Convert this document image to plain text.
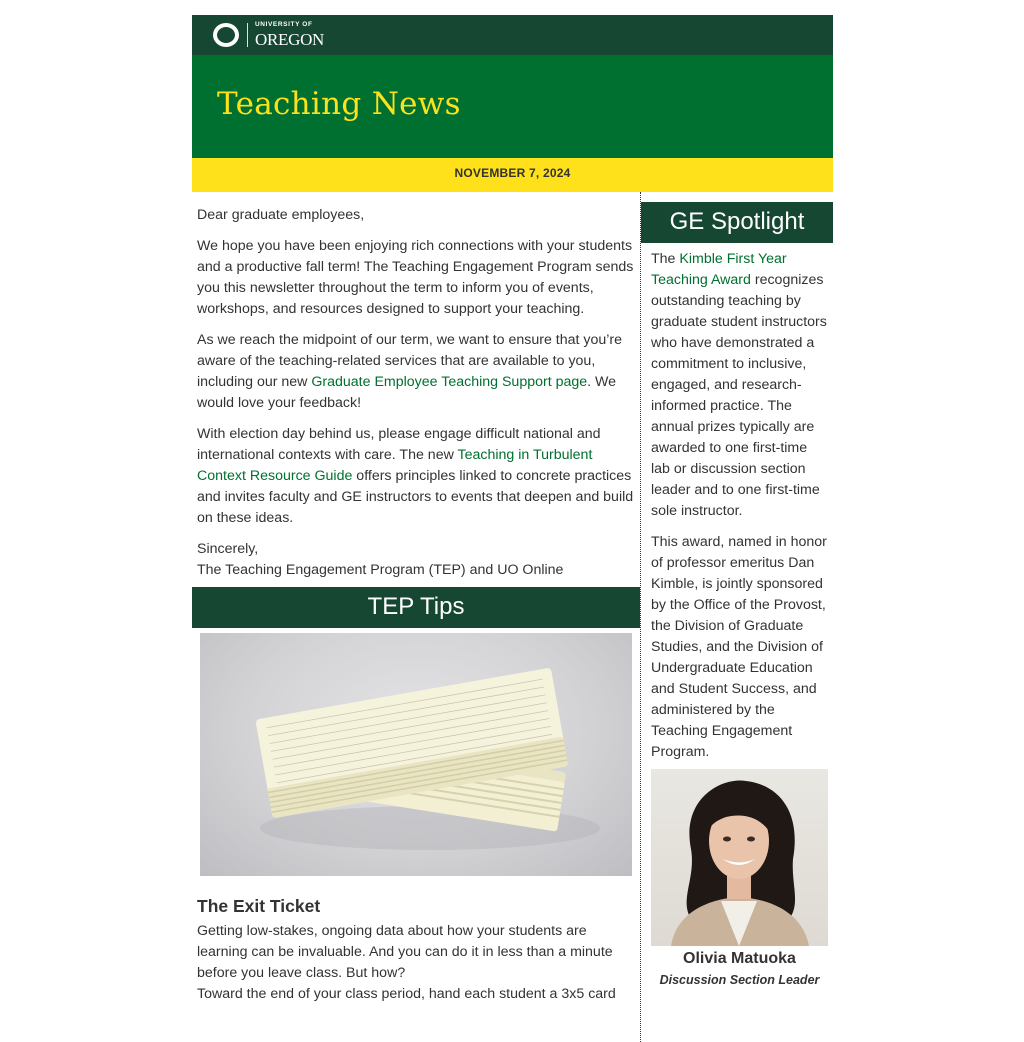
UNIVERSITY OF
OREGON
Teaching News
NOVEMBER 7, 2024

Dear graduate employees,

We hope you have been enjoying rich connections with your students and a productive fall term! The Teaching Engagement Program sends you this newsletter throughout the term to inform you of events, workshops, and resources designed to support your teaching.

As we reach the midpoint of our term, we want to ensure that you’re aware of the teaching-related services that are available to you, including our new Graduate Employee Teaching Support page. We would love your feedback!

With election day behind us, please engage difficult national and international contexts with care. The new Teaching in Turbulent Context Resource Guide offers principles linked to concrete practices and invites faculty and GE instructors to events that deepen and build on these ideas.

Sincerely,
The Teaching Engagement Program (TEP) and UO Online

TEP Tips
The Exit Ticket

Getting low-stakes, ongoing data about how your students are learning can be invaluable. And you can do it in less than a minute before you leave class. But how?

Toward the end of your class period, hand each student a 3x5 card

GE Spotlight

The Kimble First Year Teaching Award recognizes outstanding teaching by graduate student instructors who have demonstrated a commitment to inclusive, engaged, and research-informed practice. The annual prizes typically are awarded to one first-time lab or discussion section leader and to one first-time sole instructor.

This award, named in honor of professor emeritus Dan Kimble, is jointly sponsored by the Office of the Provost, the Division of Graduate Studies, and the Division of Undergraduate Education and Student Success, and administered by the Teaching Engagement Program.

Olivia Matuoka
Discussion Section Leader
